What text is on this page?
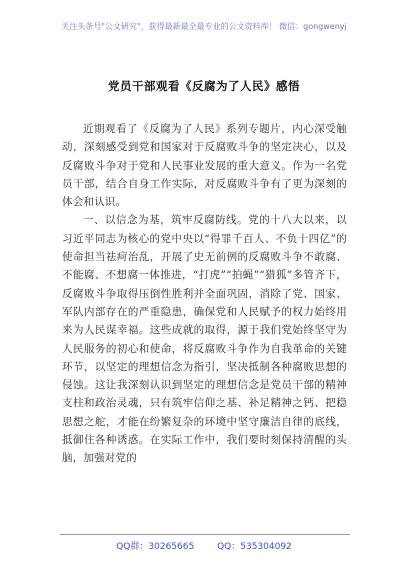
关注头条号"公文研究"，获得最新最全最专业的公文资料库！ 微信：gongwenyj
党员干部观看《反腐为了人民》感悟

近期观看了《反腐为了人民》系列专题片，内心深受触动，深刻感受到党和国家对于反腐败斗争的坚定决心，以及反腐败斗争对于党和人民事业发展的重大意义。作为一名党员干部，结合自身工作实际，对反腐败斗争有了更为深刻的体会和认识。

一、以信念为基，筑牢反腐防线。党的十八大以来，以习近平同志为核心的党中央以“得罪千百人、不负十四亿”的使命担当祛疴治乱，开展了史无前例的反腐败斗争不敢腐、不能腐、不想腐一体推进，“打虎”“拍蝇”“猎狐”多管齐下，反腐败斗争取得压倒性胜利并全面巩固，消除了党、国家、军队内部存在的严重隐患，确保党和人民赋予的权力始终用来为人民谋幸福。这些成就的取得，源于我们党始终坚守为人民服务的初心和使命，将反腐败斗争作为自我革命的关键环节，以坚定的理想信念为指引，坚决抵制各种腐败思想的侵蚀。这让我深刻认识到坚定的理想信念是党员干部的精神支柱和政治灵魂，只有筑牢信仰之基、补足精神之钙、把稳思想之舵，才能在纷繁复杂的环境中坚守廉洁自律的底线，抵御住各种诱惑。在实际工作中，我们要时刻保持清醒的头脑，加强对党的

QQ群：30265665	QQ：535304092
